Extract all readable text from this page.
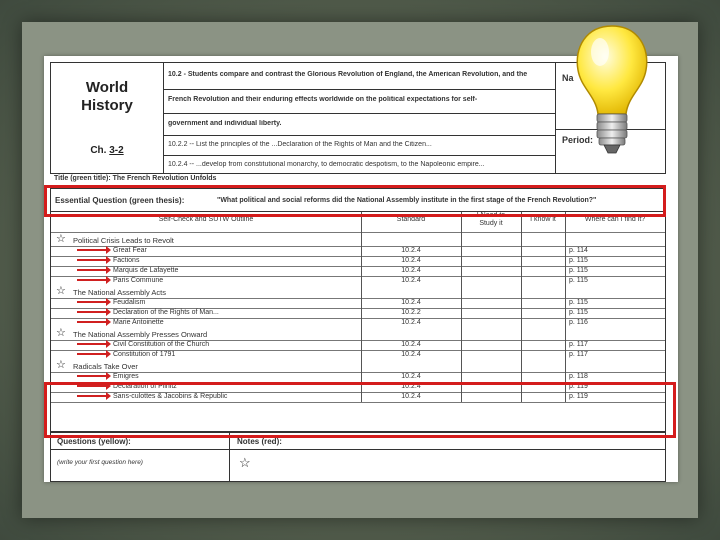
World
History
Ch. 3-2
10.2 - Students compare and contrast the Glorious Revolution of England, the American Revolution, and the
French Revolution and their enduring effects worldwide on the political expectations for self-
government and individual liberty.
10.2.2 -- List the principles of the ...Declaration of the Rights of Man and the Citizen...
10.2.4 -- ...develop from constitutional monarchy, to democratic despotism, to the Napoleonic empire...
Na
Period:
Title (green title): The French Revolution Unfolds
Essential Question (green thesis):	"What political and social reforms did the National Assembly institute in the first stage of the French Revolution?"
Self-Check and SUTW Outline	Standard
I Need to
Study it
I know it	Where can I find it?
☆ Political Crisis Leads to Revolt
Great Fear	10.2.4	p. 114
Factions	10.2.4	p. 115
Marquis de Lafayette	10.2.4	p. 115
Paris Commune	10.2.4	p. 115
☆ The National Assembly Acts
Feudalism	10.2.4	p. 115
Declaration of the Rights of Man...	10.2.2	p. 115
Marie Antoinette	10.2.4	p. 116
☆ The National Assembly Presses Onward
Civil Constitution of the Church	10.2.4	p. 117
Constitution of 1791	10.2.4	p. 117
☆ Radicals Take Over
Emigres	10.2.4	p. 118
Declaration of Pilnitz	10.2.4	p. 119
Sans-culottes & Jacobins & Republic	10.2.4	p. 119
Questions (yellow):
(write your first question here)
Notes (red):
☆
